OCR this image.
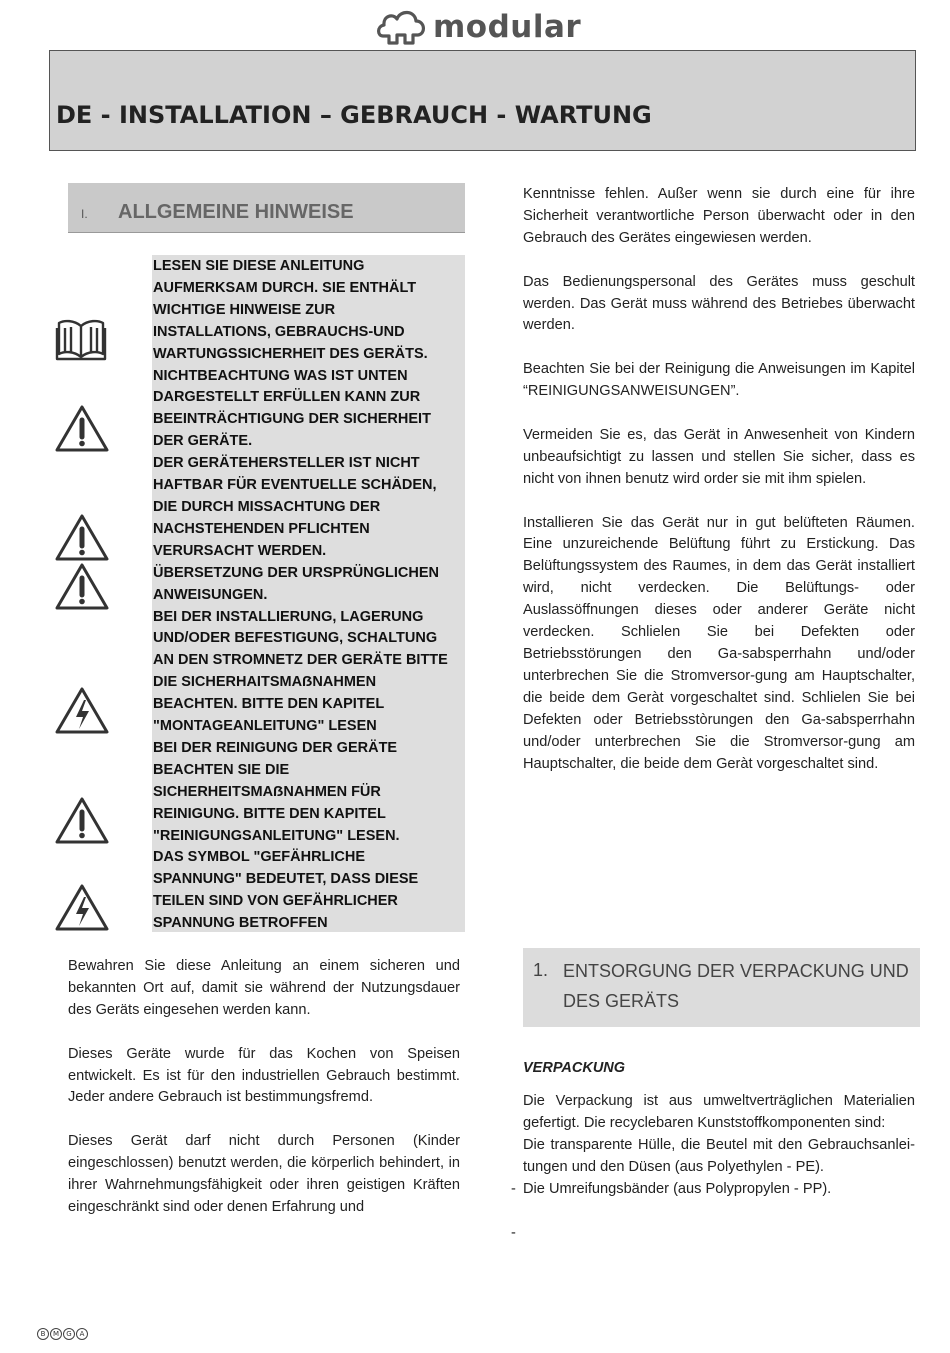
modular
DE - INSTALLATION – GEBRAUCH - WARTUNG
I. ALLGEMEINE HINWEISE
LESEN SIE DIESE ANLEITUNG
AUFMERKSAM DURCH. SIE ENTHÄLT
WICHTIGE HINWEISE ZUR
INSTALLATIONS, GEBRAUCHS-UND
WARTUNGSSICHERHEIT DES GERÄTS.
NICHTBEACHTUNG WAS IST UNTEN
DARGESTELLT ERFÜLLEN KANN ZUR
BEEINTRÄCHTIGUNG DER SICHERHEIT
DER GERÄTE.
DER GERÄTEHERSTELLER IST NICHT
HAFTBAR FÜR EVENTUELLE SCHÄDEN,
DIE DURCH MISSACHTUNG DER
NACHSTEHENDEN PFLICHTEN
VERURSACHT WERDEN.
ÜBERSETZUNG DER URSPRÜNGLICHEN
ANWEISUNGEN.
BEI DER INSTALLIERUNG, LAGERUNG
UND/ODER BEFESTIGUNG, SCHALTUNG
AN DEN STROMNETZ DER GERÄTE BITTE
DIE SICHERHAITSMAẞNAHMEN
BEACHTEN. BITTE DEN KAPITEL
"MONTAGEANLEITUNG" LESEN
BEI DER REINIGUNG DER GERÄTE
BEACHTEN SIE DIE
SICHERHEITSMAẞNAHMEN FÜR
REINIGUNG. BITTE DEN KAPITEL
"REINIGUNGSANLEITUNG" LESEN.
DAS SYMBOL "GEFÄHRLICHE
SPANNUNG" BEDEUTET, DASS DIESE
TEILEN SIND VON GEFÄHRLICHER
SPANNUNG BETROFFEN

Bewahren Sie diese Anleitung an einem sicheren und bekannten Ort auf, damit sie während der Nutzungsdauer des Geräts eingesehen werden kann.

Dieses Geräte wurde für das Kochen von Speisen entwickelt. Es ist für den industriellen Gebrauch bestimmt. Jeder andere Gebrauch ist bestimmungsfremd.

Dieses Gerät darf nicht durch Personen (Kinder eingeschlossen) benutzt werden, die körperlich behindert, in ihrer Wahrnehmungsfähigkeit oder ihren geistigen Kräften eingeschränkt sind oder denen Erfahrung und

Kenntnisse fehlen. Außer wenn sie durch eine für ihre Sicherheit verantwortliche Person überwacht oder in den Gebrauch des Gerätes eingewiesen werden.

Das Bedienungspersonal des Gerätes muss geschult werden. Das Gerät muss während des Betriebes überwacht werden.

Beachten Sie bei der Reinigung die Anweisungen im Kapitel “REINIGUNGSANWEISUNGEN”.

Vermeiden Sie es, das Gerät in Anwesenheit von Kindern unbeaufsichtigt zu lassen und stellen Sie sicher, dass es nicht von ihnen benutz wird order sie mit ihm spielen.

Installieren Sie das Gerät nur in gut belüfteten Räumen. Eine unzureichende Belüftung führt zu Erstickung. Das Belüftungssystem des Raumes, in dem das Gerät installiert wird, nicht verdecken. Die Belüftungs- oder Auslassöffnungen dieses oder anderer Geräte nicht verdecken. Schlielen Sie bei Defekten oder Betriebsstörungen den Ga-sabsperrhahn und/oder unterbrechen Sie die Stromversor-gung am Hauptschalter, die beide dem Geràt vorgeschaltet sind. Schlielen Sie bei Defekten oder Betriebsstòrungen den Ga-sabsperrhahn und/oder unterbrechen Sie die Stromversor-gung am Hauptschalter, die beide dem Geràt vorgeschaltet sind.

1. ENTSORGUNG DER VERPACKUNG UND DES GERÄTS
VERPACKUNG

Die Verpackung ist aus umweltverträglichen Materialien gefertigt. Die recyclebaren Kunststoffkomponenten sind:

Die transparente Hülle, die Beutel mit den Gebrauchsanlei-tungen und den Düsen (aus Polyethylen - PE).

Die Umreifungsbänder (aus Polypropylen - PP).

-
-
B	M	G	A
